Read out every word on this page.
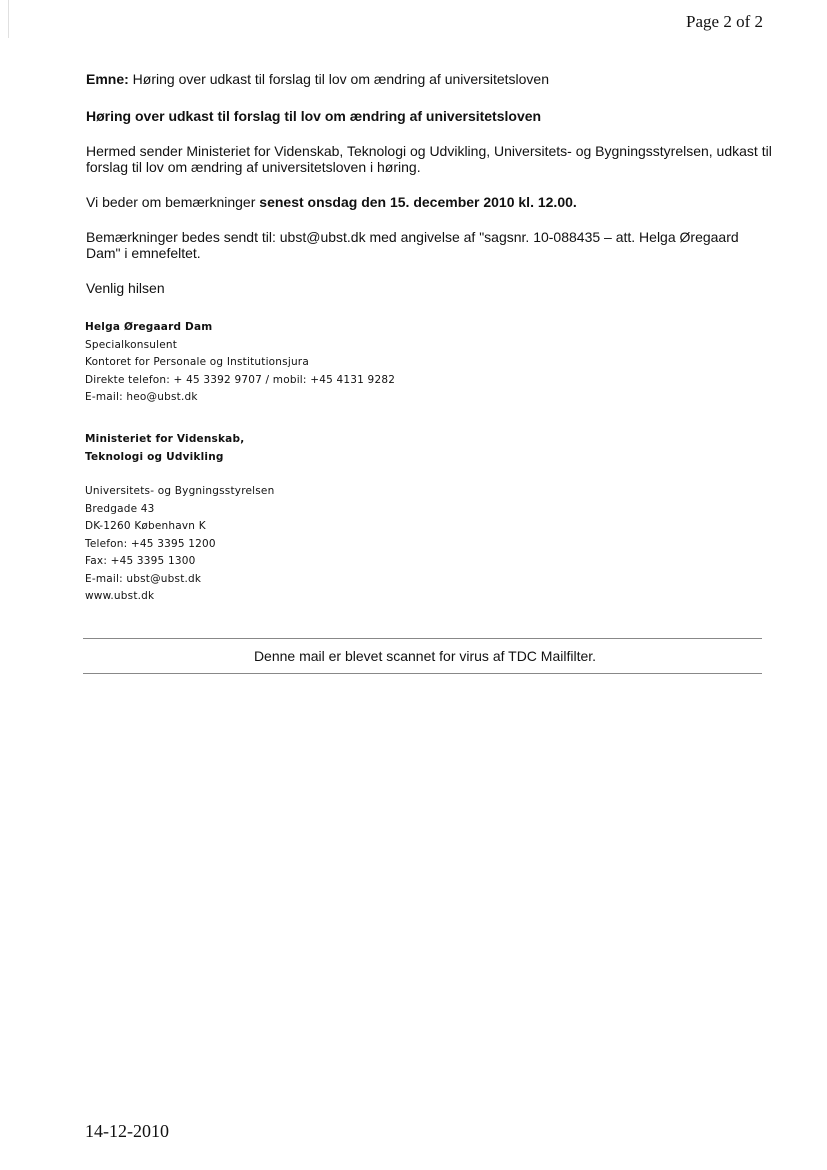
Page 2 of 2
Emne: Høring over udkast til forslag til lov om ændring af universitetsloven
Høring over udkast til forslag til lov om ændring af universitetsloven
Hermed sender Ministeriet for Videnskab, Teknologi og Udvikling, Universitets- og Bygningsstyrelsen, udkast til forslag til lov om ændring af universitetsloven i høring.
Vi beder om bemærkninger senest onsdag den 15. december 2010 kl. 12.00.
Bemærkninger bedes sendt til: ubst@ubst.dk med angivelse af "sagsnr. 10-088435 – att. Helga Øregaard Dam" i emnefeltet.
Venlig hilsen
Helga Øregaard Dam
Specialkonsulent
Kontoret for Personale og Institutionsjura
Direkte telefon: + 45 3392 9707 / mobil: +45 4131 9282
E-mail: heo@ubst.dk
Ministeriet for Videnskab,
Teknologi og Udvikling
Universitets- og Bygningsstyrelsen
Bredgade 43
DK-1260 København K
Telefon: +45 3395 1200
Fax: +45 3395 1300
E-mail: ubst@ubst.dk
www.ubst.dk
Denne mail er blevet scannet for virus af TDC Mailfilter.
14-12-2010
